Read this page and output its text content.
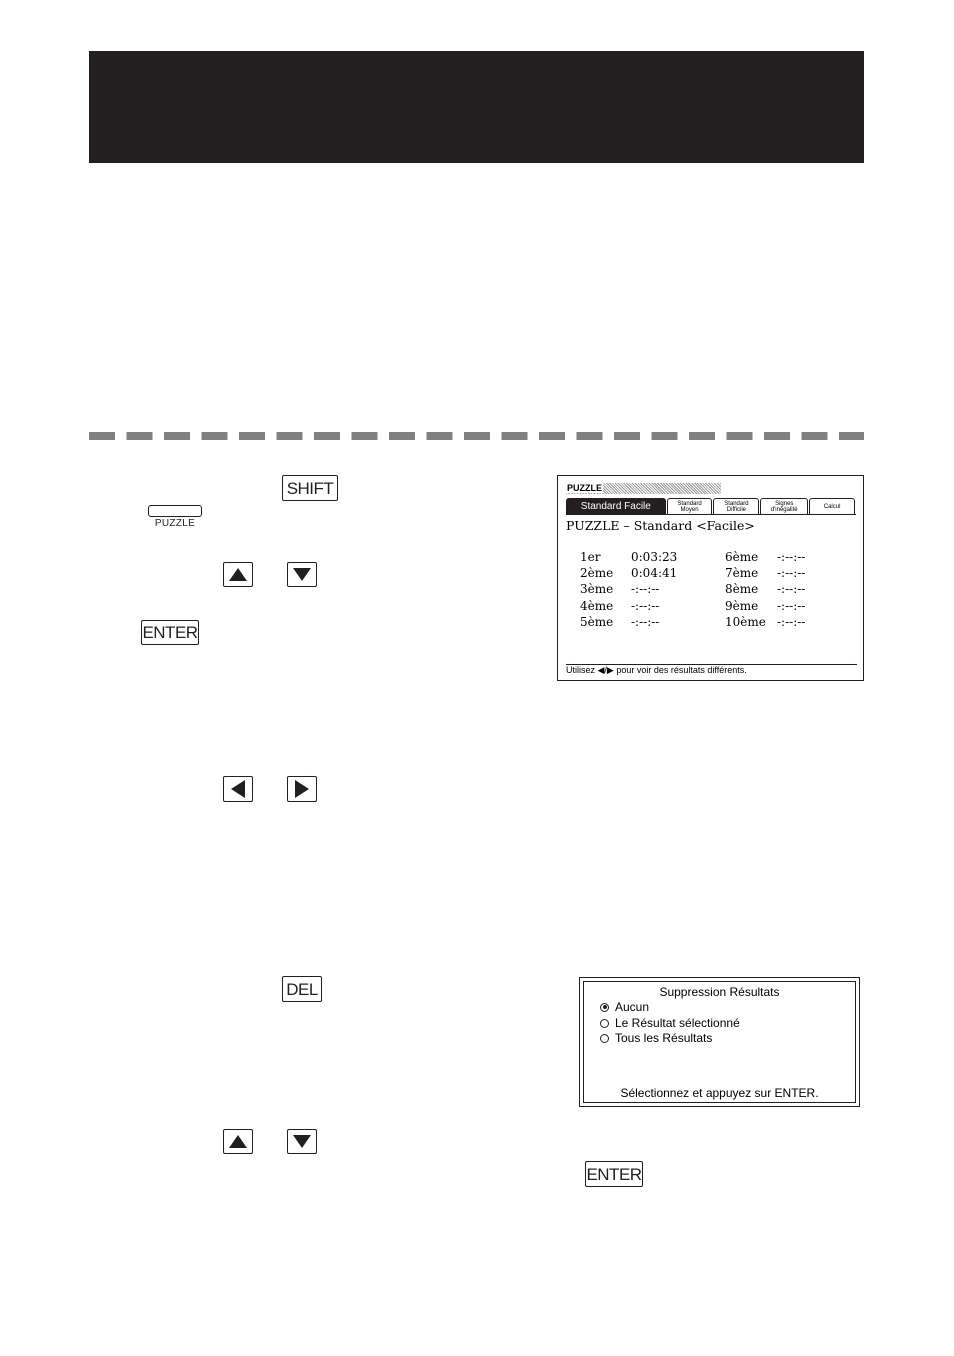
SHIFT
PUZZLE
ENTER
DEL
ENTER
PUZZLE
Standard Facile	Standard Moyen
Standard Difficile
Signes d'inégalité
Calcul
PUZZLE – Standard <Facile>
1er	0:03:23
2ème 0:04:41
3ème -:--:--
4ème -:--:--
5ème -:--:--
6ème -:--:--
7ème -:--:--
8ème -:--:--
9ème -:--:--
10ème -:--:--
Utilisez ◀/▶ pour voir des résultats différents.
Suppression Résultats
Aucun
Le Résultat sélectionné
Tous les Résultats
Sélectionnez et appuyez sur ENTER.
